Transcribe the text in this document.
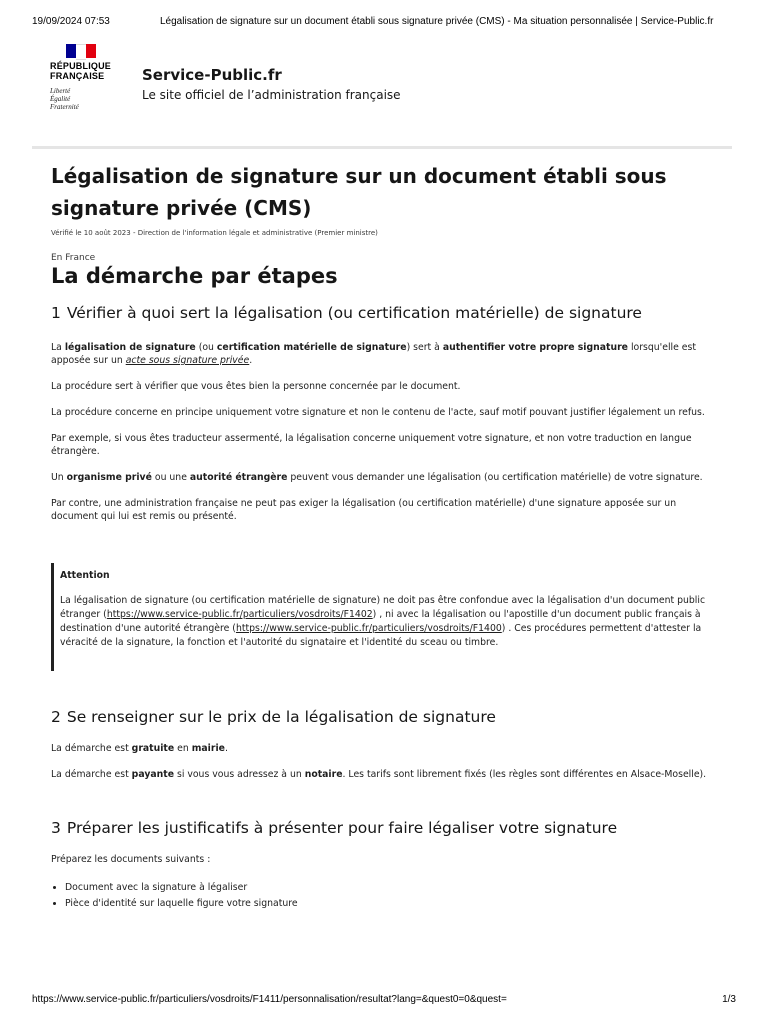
19/09/2024 07:53	Légalisation de signature sur un document établi sous signature privée (CMS) - Ma situation personnalisée | Service-Public.fr
RÉPUBLIQUE
FRANÇAISE
Liberté
Égalité
Fraternité
Service-Public.fr
Le site officiel de l’administration française
Légalisation de signature sur un document établi sous
signature privée (CMS)
Vérifié le 10 août 2023 - Direction de l'information légale et administrative (Premier ministre)
En France
La démarche par étapes
1 Vérifier à quoi sert la légalisation (ou certification matérielle) de signature

La légalisation de signature (ou certification matérielle de signature) sert à authentifier votre propre signature lorsqu'elle est apposée sur un acte sous signature privée.

La procédure sert à vérifier que vous êtes bien la personne concernée par le document.

La procédure concerne en principe uniquement votre signature et non le contenu de l'acte, sauf motif pouvant justifier légalement un refus.

Par exemple, si vous êtes traducteur assermenté, la légalisation concerne uniquement votre signature, et non votre traduction en langue étrangère.

Un organisme privé ou une autorité étrangère peuvent vous demander une légalisation (ou certification matérielle) de votre signature.

Par contre, une administration française ne peut pas exiger la légalisation (ou certification matérielle) d'une signature apposée sur un document qui lui est remis ou présenté.

Attention

La légalisation de signature (ou certification matérielle de signature) ne doit pas être confondue avec la légalisation d'un document public étranger (https://www.service-public.fr/particuliers/vosdroits/F1402) , ni avec la légalisation ou l'apostille d'un document public français à destination d'une autorité étrangère (https://www.service-public.fr/particuliers/vosdroits/F1400) . Ces procédures permettent d'attester la véracité de la signature, la fonction et l'autorité du signataire et l'identité du sceau ou timbre.
2 Se renseigner sur le prix de la légalisation de signature

La démarche est gratuite en mairie.

La démarche est payante si vous vous adressez à un notaire. Les tarifs sont librement fixés (les règles sont différentes en Alsace-Moselle).

3 Préparer les justificatifs à présenter pour faire légaliser votre signature

Préparez les documents suivants :

• Document avec la signature à légaliser
• Pièce d'identité sur laquelle figure votre signature
https://www.service-public.fr/particuliers/vosdroits/F1411/personnalisation/resultat?lang=&quest0=0&quest=	1/3
